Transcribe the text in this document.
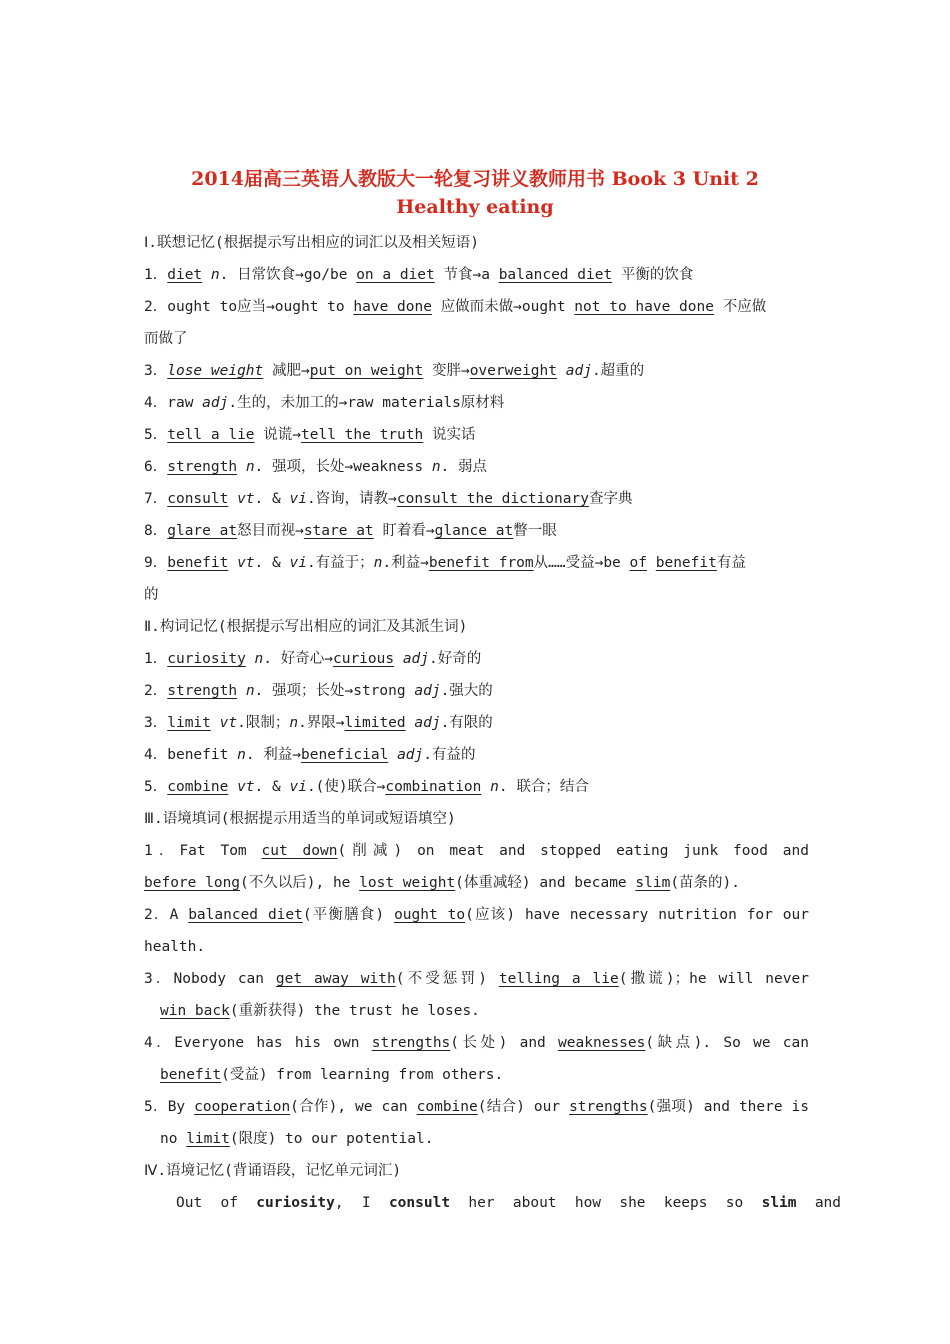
2014届高三英语人教版大一轮复习讲义教师用书 Book 3 Unit 2
Healthy eating
Ⅰ.联想记忆(根据提示写出相应的词汇以及相关短语)
1．diet n. 日常饮食→go/be on a diet 节食→a balanced diet 平衡的饮食
2．ought to应当→ought to have done 应做而未做→ought not to have done 不应做
而做了
3．lose weight 减肥→put on weight 变胖→overweight adj.超重的
4．raw adj.生的，未加工的→raw materials原材料
5．tell a lie 说谎→tell the truth 说实话
6．strength n. 强项，长处→weakness n. 弱点
7．consult vt. & vi.咨询，请教→consult the dictionary查字典
8．glare at怒目而视→stare at 盯着看→glance at瞥一眼
9．benefit vt. & vi.有益于；n.利益→benefit from从……受益→be of benefit有益
的
Ⅱ.构词记忆(根据提示写出相应的词汇及其派生词)
1．curiosity n. 好奇心→curious adj.好奇的
2．strength n. 强项；长处→strong adj.强大的
3．limit vt.限制；n.界限→limited adj.有限的
4．benefit n. 利益→beneficial adj.有益的
5．combine vt. & vi.(使)联合→combination n. 联合；结合
Ⅲ.语境填词(根据提示用适当的单词或短语填空)
1．Fat Tom cut down(削减) on meat and stopped eating junk food and
before long(不久以后), he lost weight(体重减轻) and became slim(苗条的).
2．A balanced diet(平衡膳食) ought to(应该) have necessary nutrition for our
health.
3．Nobody can get away with(不受惩罚) telling a lie(撒谎)；he will never
win back(重新获得) the trust he loses.
4．Everyone has his own strengths(长处) and weaknesses(缺点). So we can
benefit(受益) from learning from others.
5．By cooperation(合作), we can combine(结合) our strengths(强项) and there is
no limit(限度) to our potential.
Ⅳ.语境记忆(背诵语段，记忆单元词汇)
Out of curiosity, I consult her about how she keeps so slim and
